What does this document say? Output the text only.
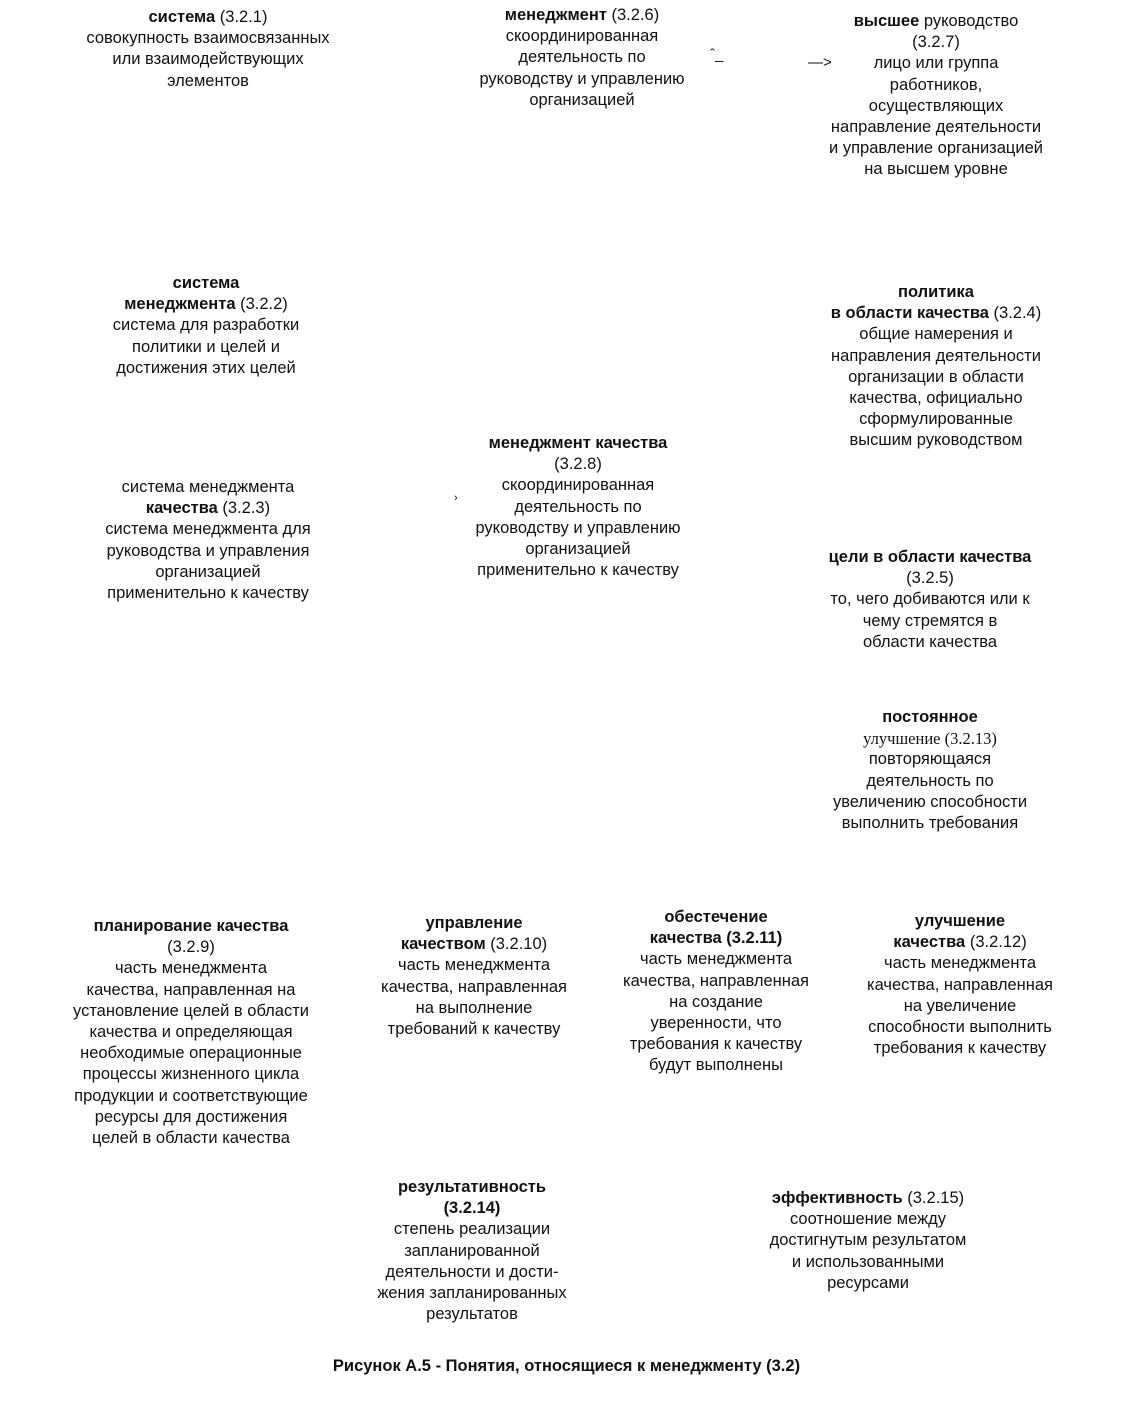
система (3.2.1)
совокупность взаимосвязанных
или взаимодействующих
элементов
менеджмент (3.2.6)
скоординированная
деятельность по
руководству и управлению
организацией
ˆ_	—>
высшее руководство
(3.2.7)
лицо или группа
работников,
осуществляющих
направление деятельности
и управление организацией
на высшем уровне
система
менеджмента (3.2.2)
система для разработки
политики и целей и
достижения этих целей
политика
в области качества (3.2.4)
общие намерения и
направления деятельности
организации в области
качества, официально
сформулированные
высшим руководством
менеджмент качества
(3.2.8)
скоординированная
деятельность по
руководству и управлению
организацией
применительно к качеству
›
система менеджмента
качества (3.2.3)
система менеджмента для
руководства и управления
организацией
применительно к качеству
цели в области качества
(3.2.5)
то, чего добиваются или к
чему стремятся в
области качества
постоянное
улучшение (3.2.13)
повторяющаяся
деятельность по
увеличению способности
выполнить требования
планирование качества
(3.2.9)
часть менеджмента
качества, направленная на
установление целей в области
качества и определяющая
необходимые операционные
процессы жизненного цикла
продукции и соответствующие
ресурсы для достижения
целей в области качества
управление
качеством (3.2.10)
часть менеджмента
качества, направленная
на выполнение
требований к качеству
обестечение
качества (3.2.11)
часть менеджмента
качества, направленная
на создание
уверенности, что
требования к качеству
будут выполнены
улучшение
качества (3.2.12)
часть менеджмента
качества, направленная
на увеличение
способности выполнить
требования к качеству
результативность
(3.2.14)
степень реализации
запланированной
деятельности и дости-
жения запланированных
результатов
эффективность (3.2.15)
соотношение между
достигнутым результатом
и использованными
ресурсами
Рисунок А.5 - Понятия, относящиеся к менеджменту (3.2)
